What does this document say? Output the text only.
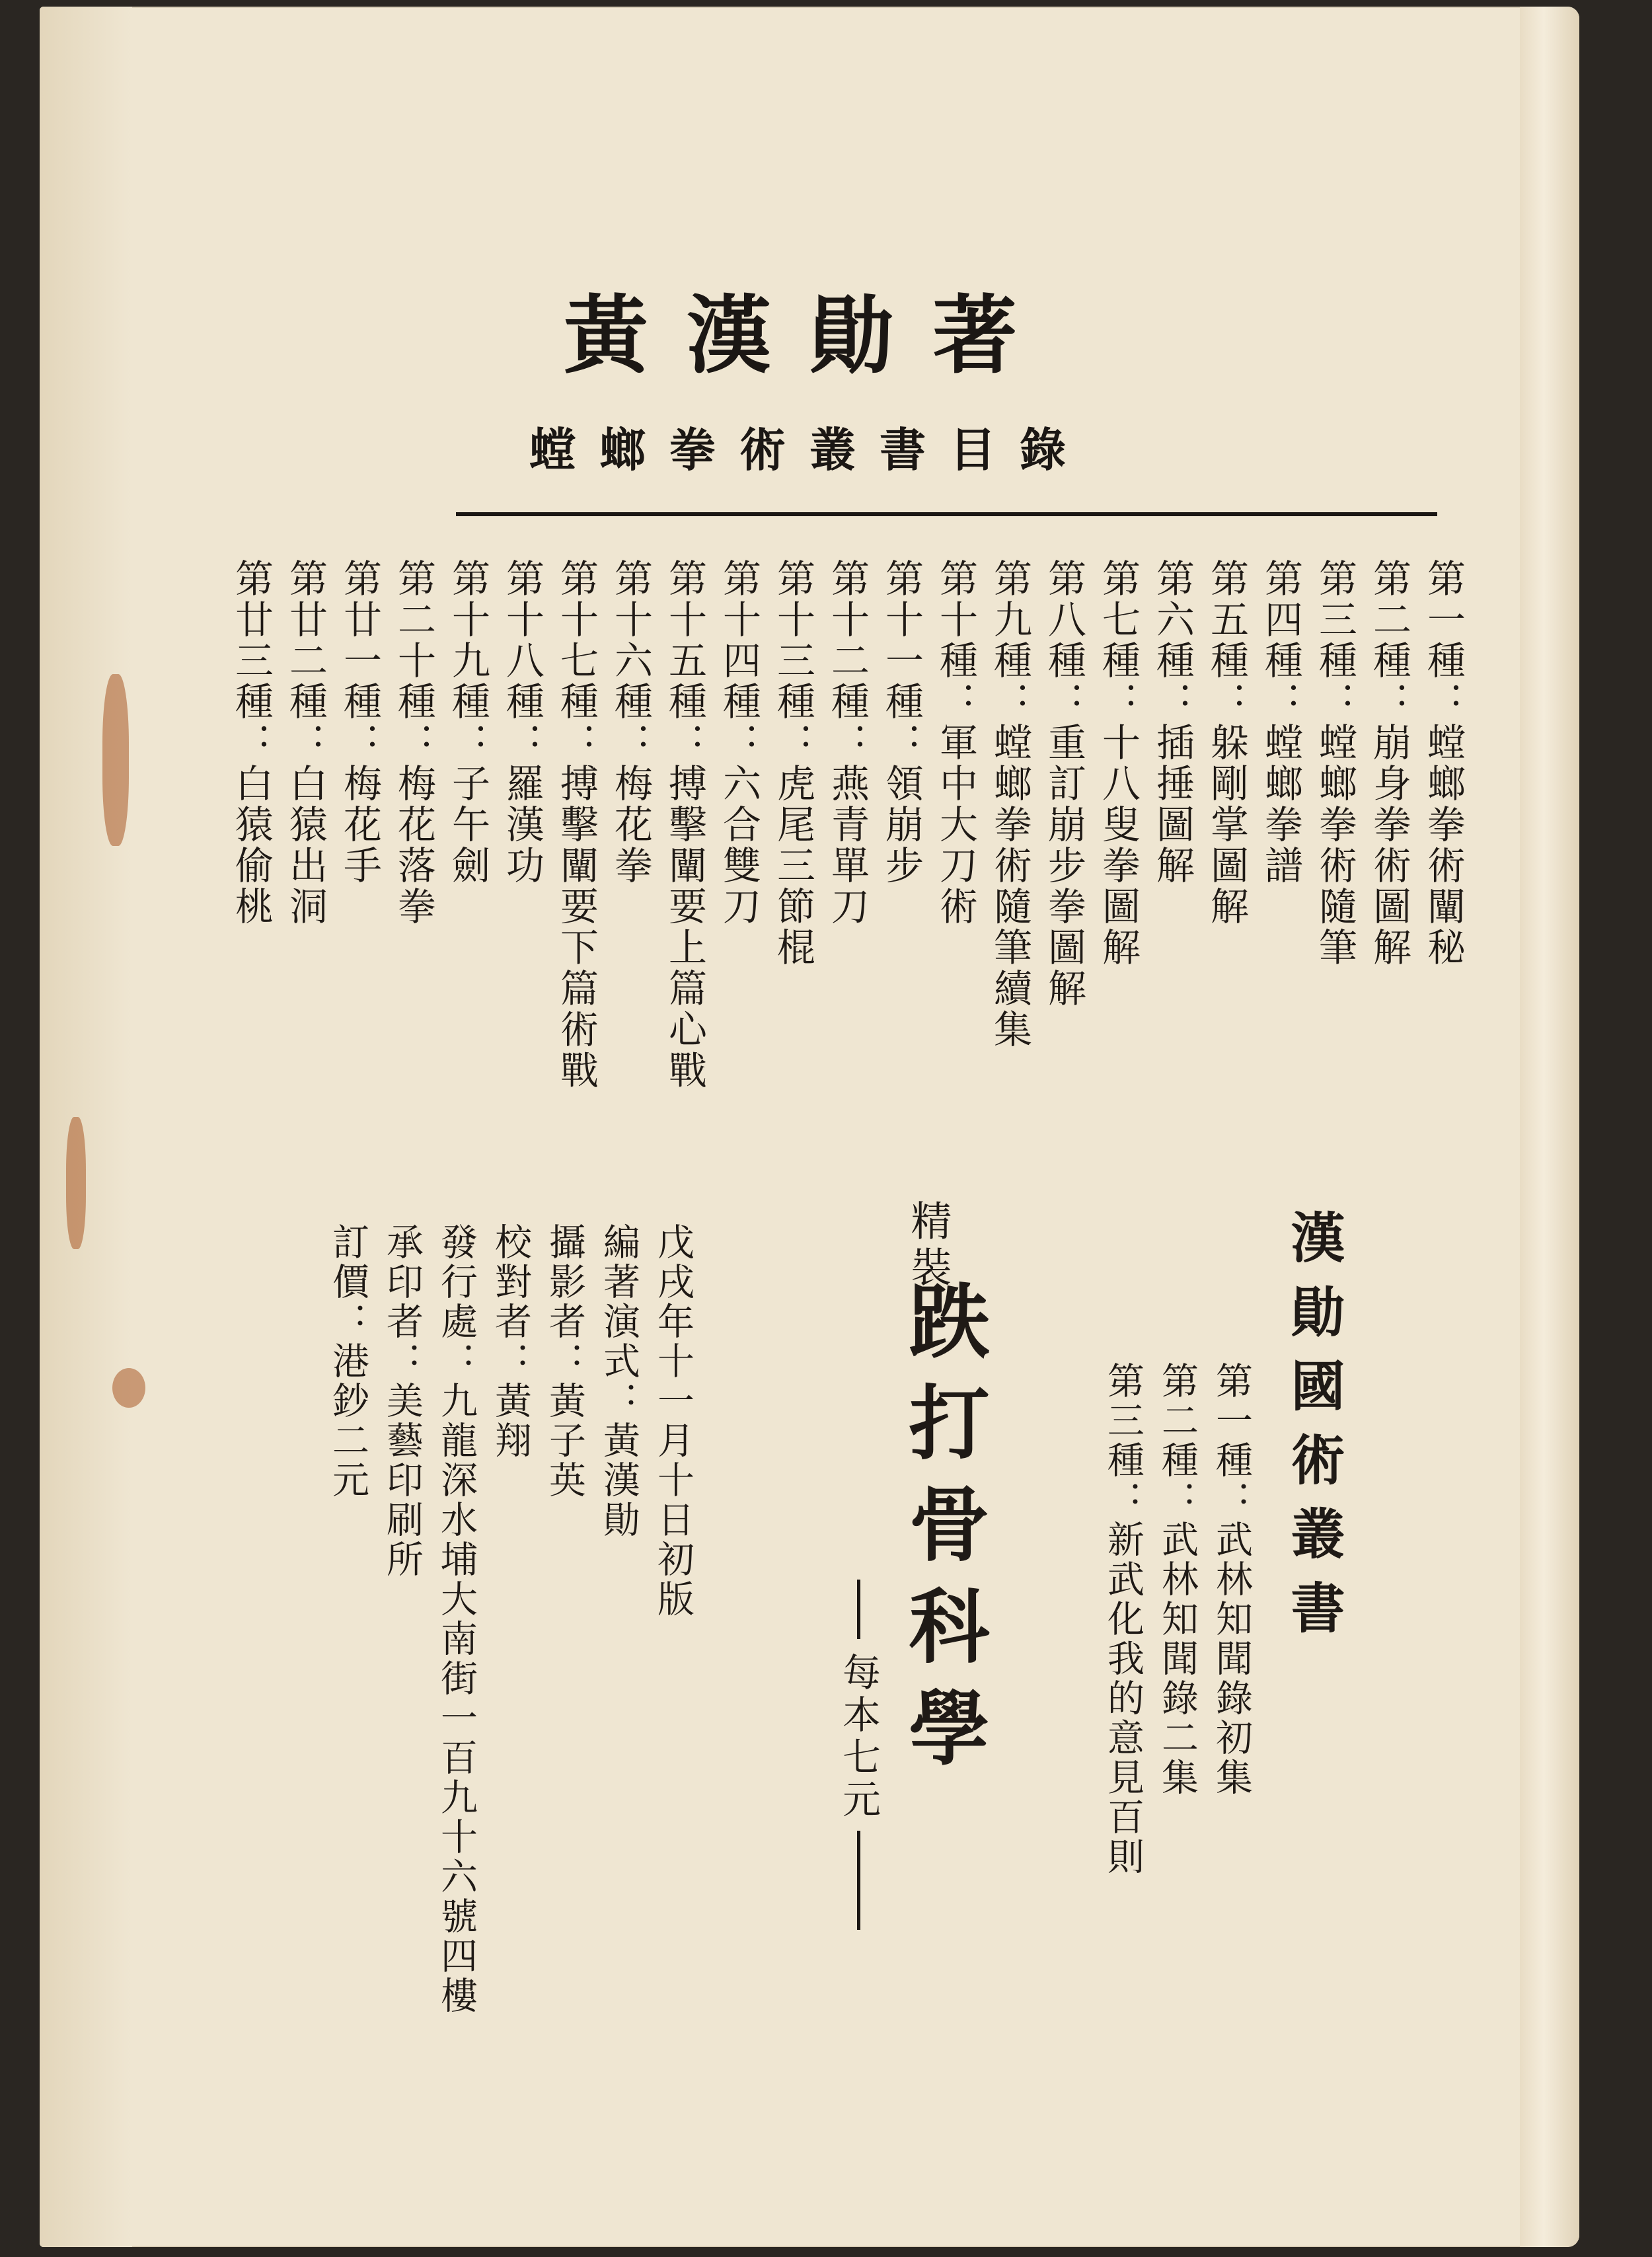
黃漢勛著
螳螂拳術叢書目錄
第一種：螳螂拳術闡秘
第二種：崩身拳術圖解
第三種：螳螂拳術隨筆
第四種：螳螂拳譜
第五種：躲剛掌圖解
第六種：插捶圖解
第七種：十八叟拳圖解
第八種：重訂崩步拳圖解
第九種：螳螂拳術隨筆續集
第十種：軍中大刀術
第十一種：領崩步
第十二種：燕青單刀
第十三種：虎尾三節棍
第十四種：六合雙刀
第十五種：搏擊闡要上篇心戰
第十六種：梅花拳
第十七種：搏擊闡要下篇術戰
第十八種：羅漢功
第十九種：子午劍
第二十種：梅花落拳
第廿一種：梅花手
第廿二種：白猿出洞
第廿三種：白猿偷桃
漢勛國術叢書
第一種：武林知聞錄初集
第二種：武林知聞錄二集
第三種：新武化我的意見百則
精裝
跌打骨科學
每本七元
戊戌年十一月十日初版
編著演式：黃漢勛
攝影者：黃子英
校對者：黃翔
發行處：九龍深水埔大南街一百九十六號四樓
承印者：美藝印刷所
訂價：港鈔二元
